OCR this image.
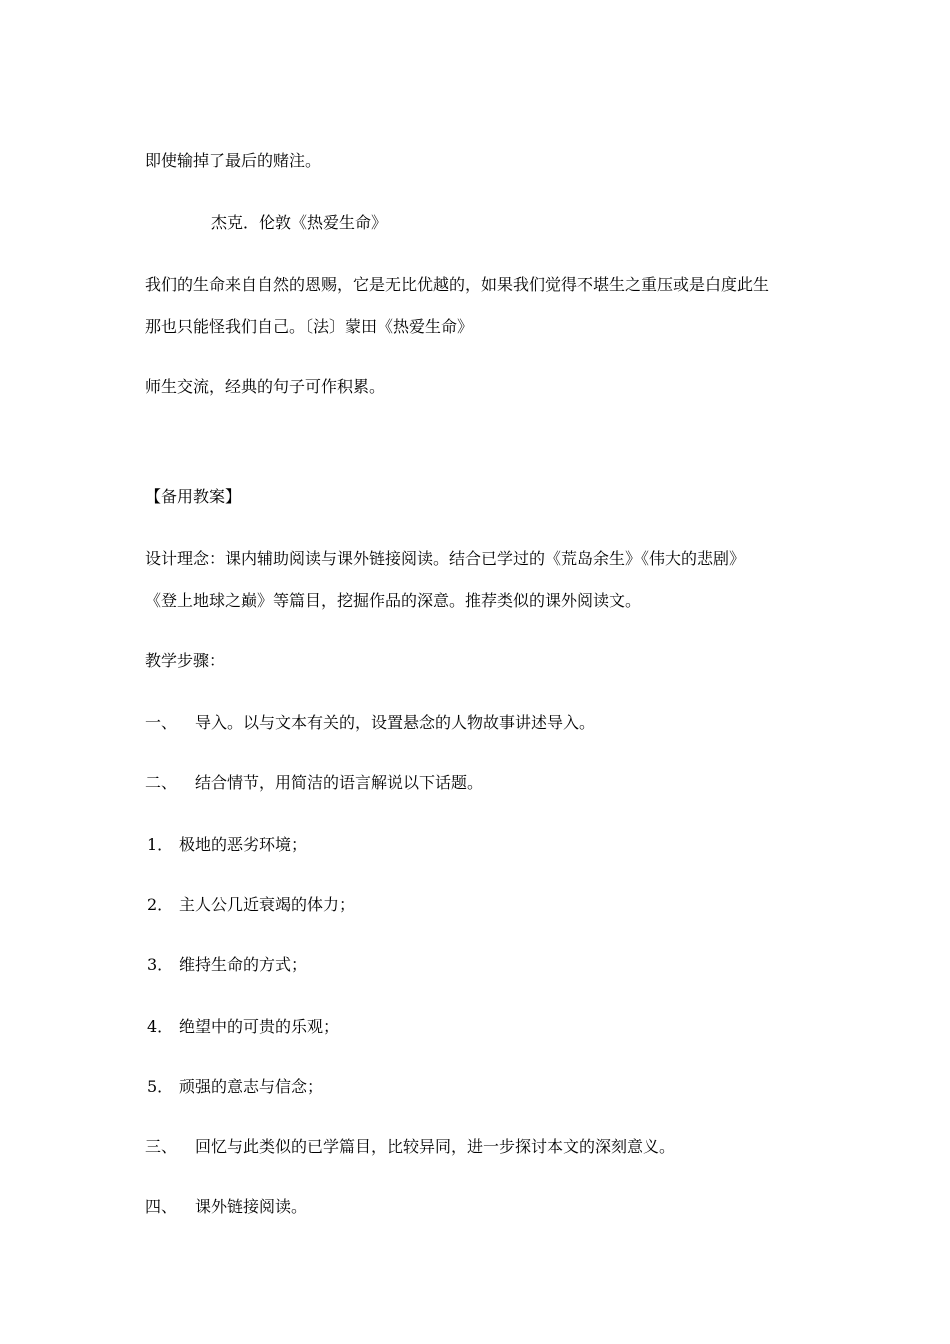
即使输掉了最后的赌注。
杰克．伦敦《热爱生命》
我们的生命来自自然的恩赐，它是无比优越的，如果我们觉得不堪生之重压或是白度此生
那也只能怪我们自己。〔法〕蒙田《热爱生命》
师生交流，经典的句子可作积累。
【备用教案】
设计理念：课内辅助阅读与课外链接阅读。结合已学过的《荒岛余生》《伟大的悲剧》
《登上地球之巅》等篇目，挖掘作品的深意。推荐类似的课外阅读文。
教学步骤：
一、 导入。以与文本有关的，设置悬念的人物故事讲述导入。
二、 结合情节，用简洁的语言解说以下话题。
1． 极地的恶劣环境；
2． 主人公几近衰竭的体力；
3． 维持生命的方式；
4． 绝望中的可贵的乐观；
5． 顽强的意志与信念；
三、 回忆与此类似的已学篇目，比较异同，进一步探讨本文的深刻意义。
四、 课外链接阅读。
